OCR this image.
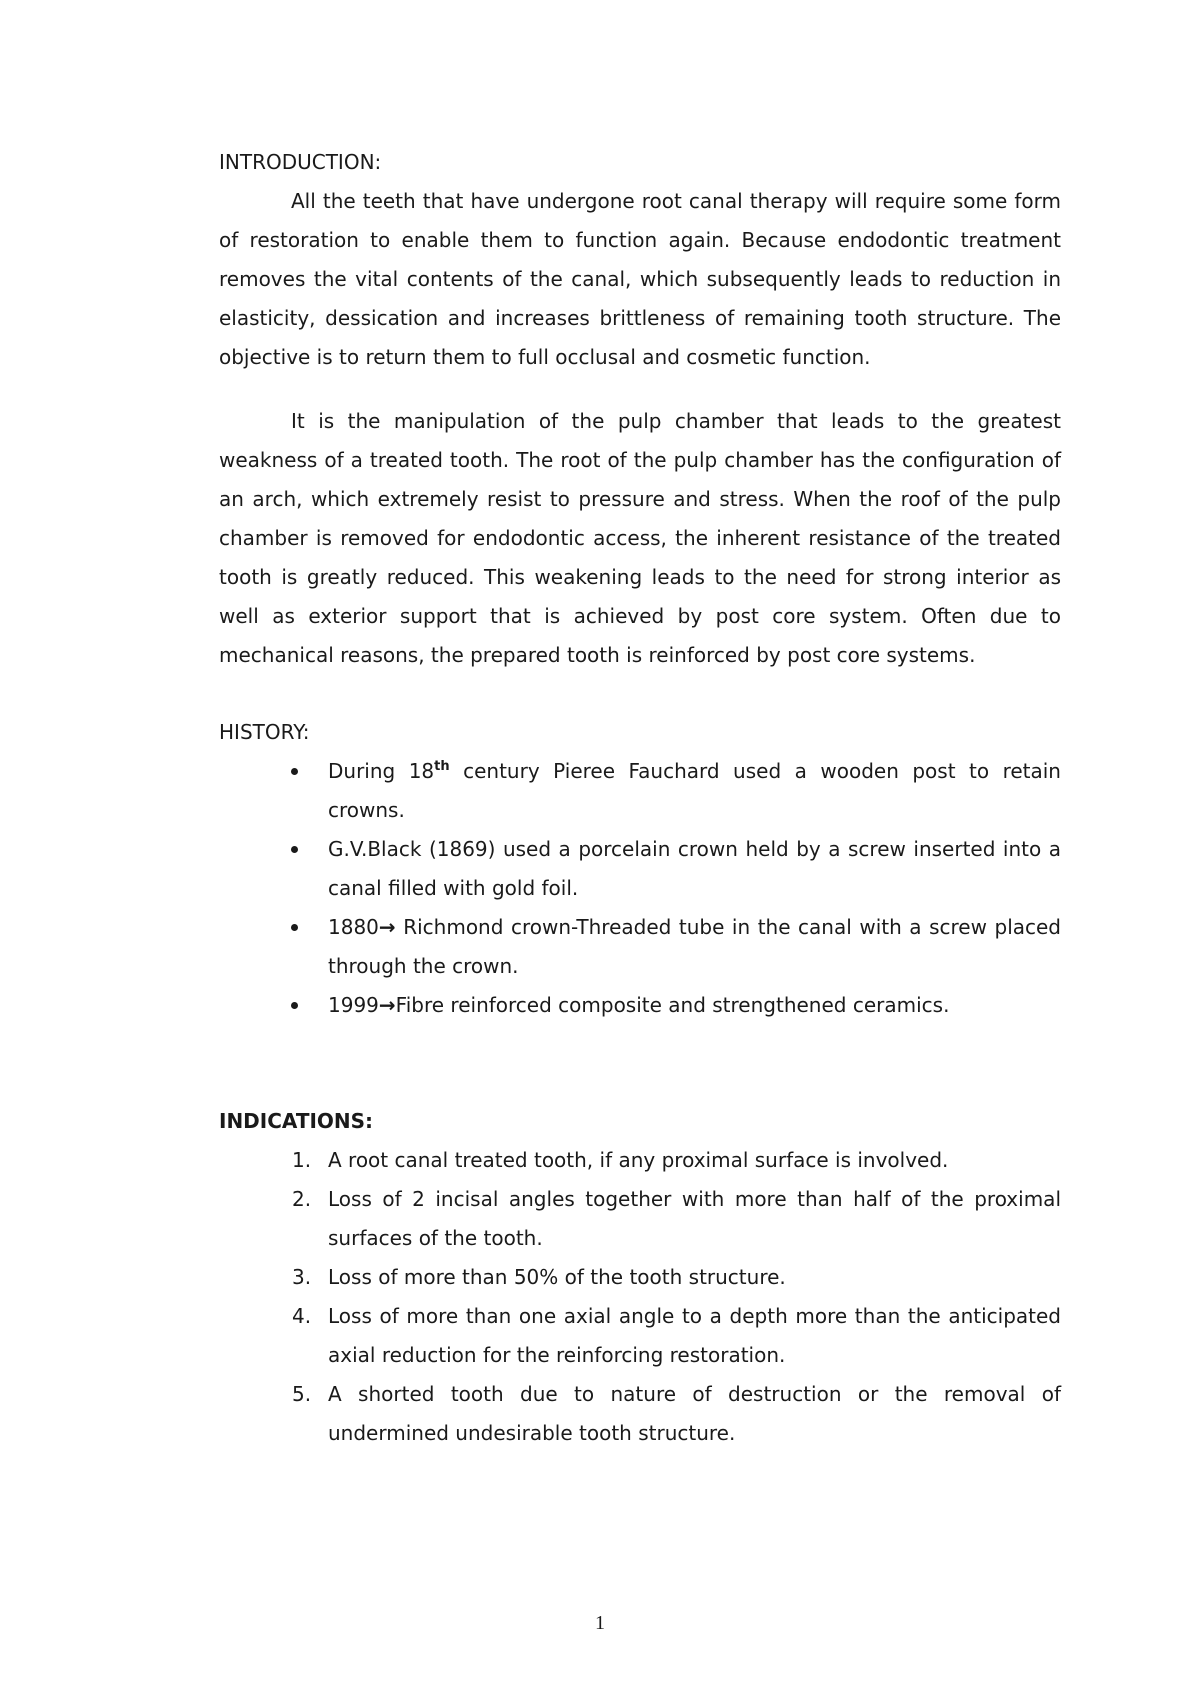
INTRODUCTION:

All the teeth that have undergone root canal therapy will require some form of restoration to enable them to function again. Because endodontic treatment removes the vital contents of the canal, which subsequently leads to reduction in elasticity, dessication and increases brittleness of remaining tooth structure. The objective is to return them to full occlusal and cosmetic function.

It is the manipulation of the pulp chamber that leads to the greatest weakness of a treated tooth. The root of the pulp chamber has the configuration of an arch, which extremely resist to pressure and stress. When the roof of the pulp chamber is removed for endodontic access, the inherent resistance of the treated tooth is greatly reduced. This weakening leads to the need for strong interior as well as exterior support that is achieved by post core system. Often due to mechanical reasons, the prepared tooth is reinforced by post core systems.

HISTORY:
During 18th century Pieree Fauchard used a wooden post to retain crowns.
G.V.Black (1869) used a porcelain crown held by a screw inserted into a canal filled with gold foil.
1880→ Richmond crown-Threaded tube in the canal with a screw placed through the crown.
1999→Fibre reinforced composite and strengthened ceramics.
INDICATIONS:
1. A root canal treated tooth, if any proximal surface is involved.
2. Loss of 2 incisal angles together with more than half of the proximal surfaces of the tooth.
3. Loss of more than 50% of the tooth structure.
4. Loss of more than one axial angle to a depth more than the anticipated axial reduction for the reinforcing restoration.
5. A shorted tooth due to nature of destruction or the removal of undermined undesirable tooth structure.
1
